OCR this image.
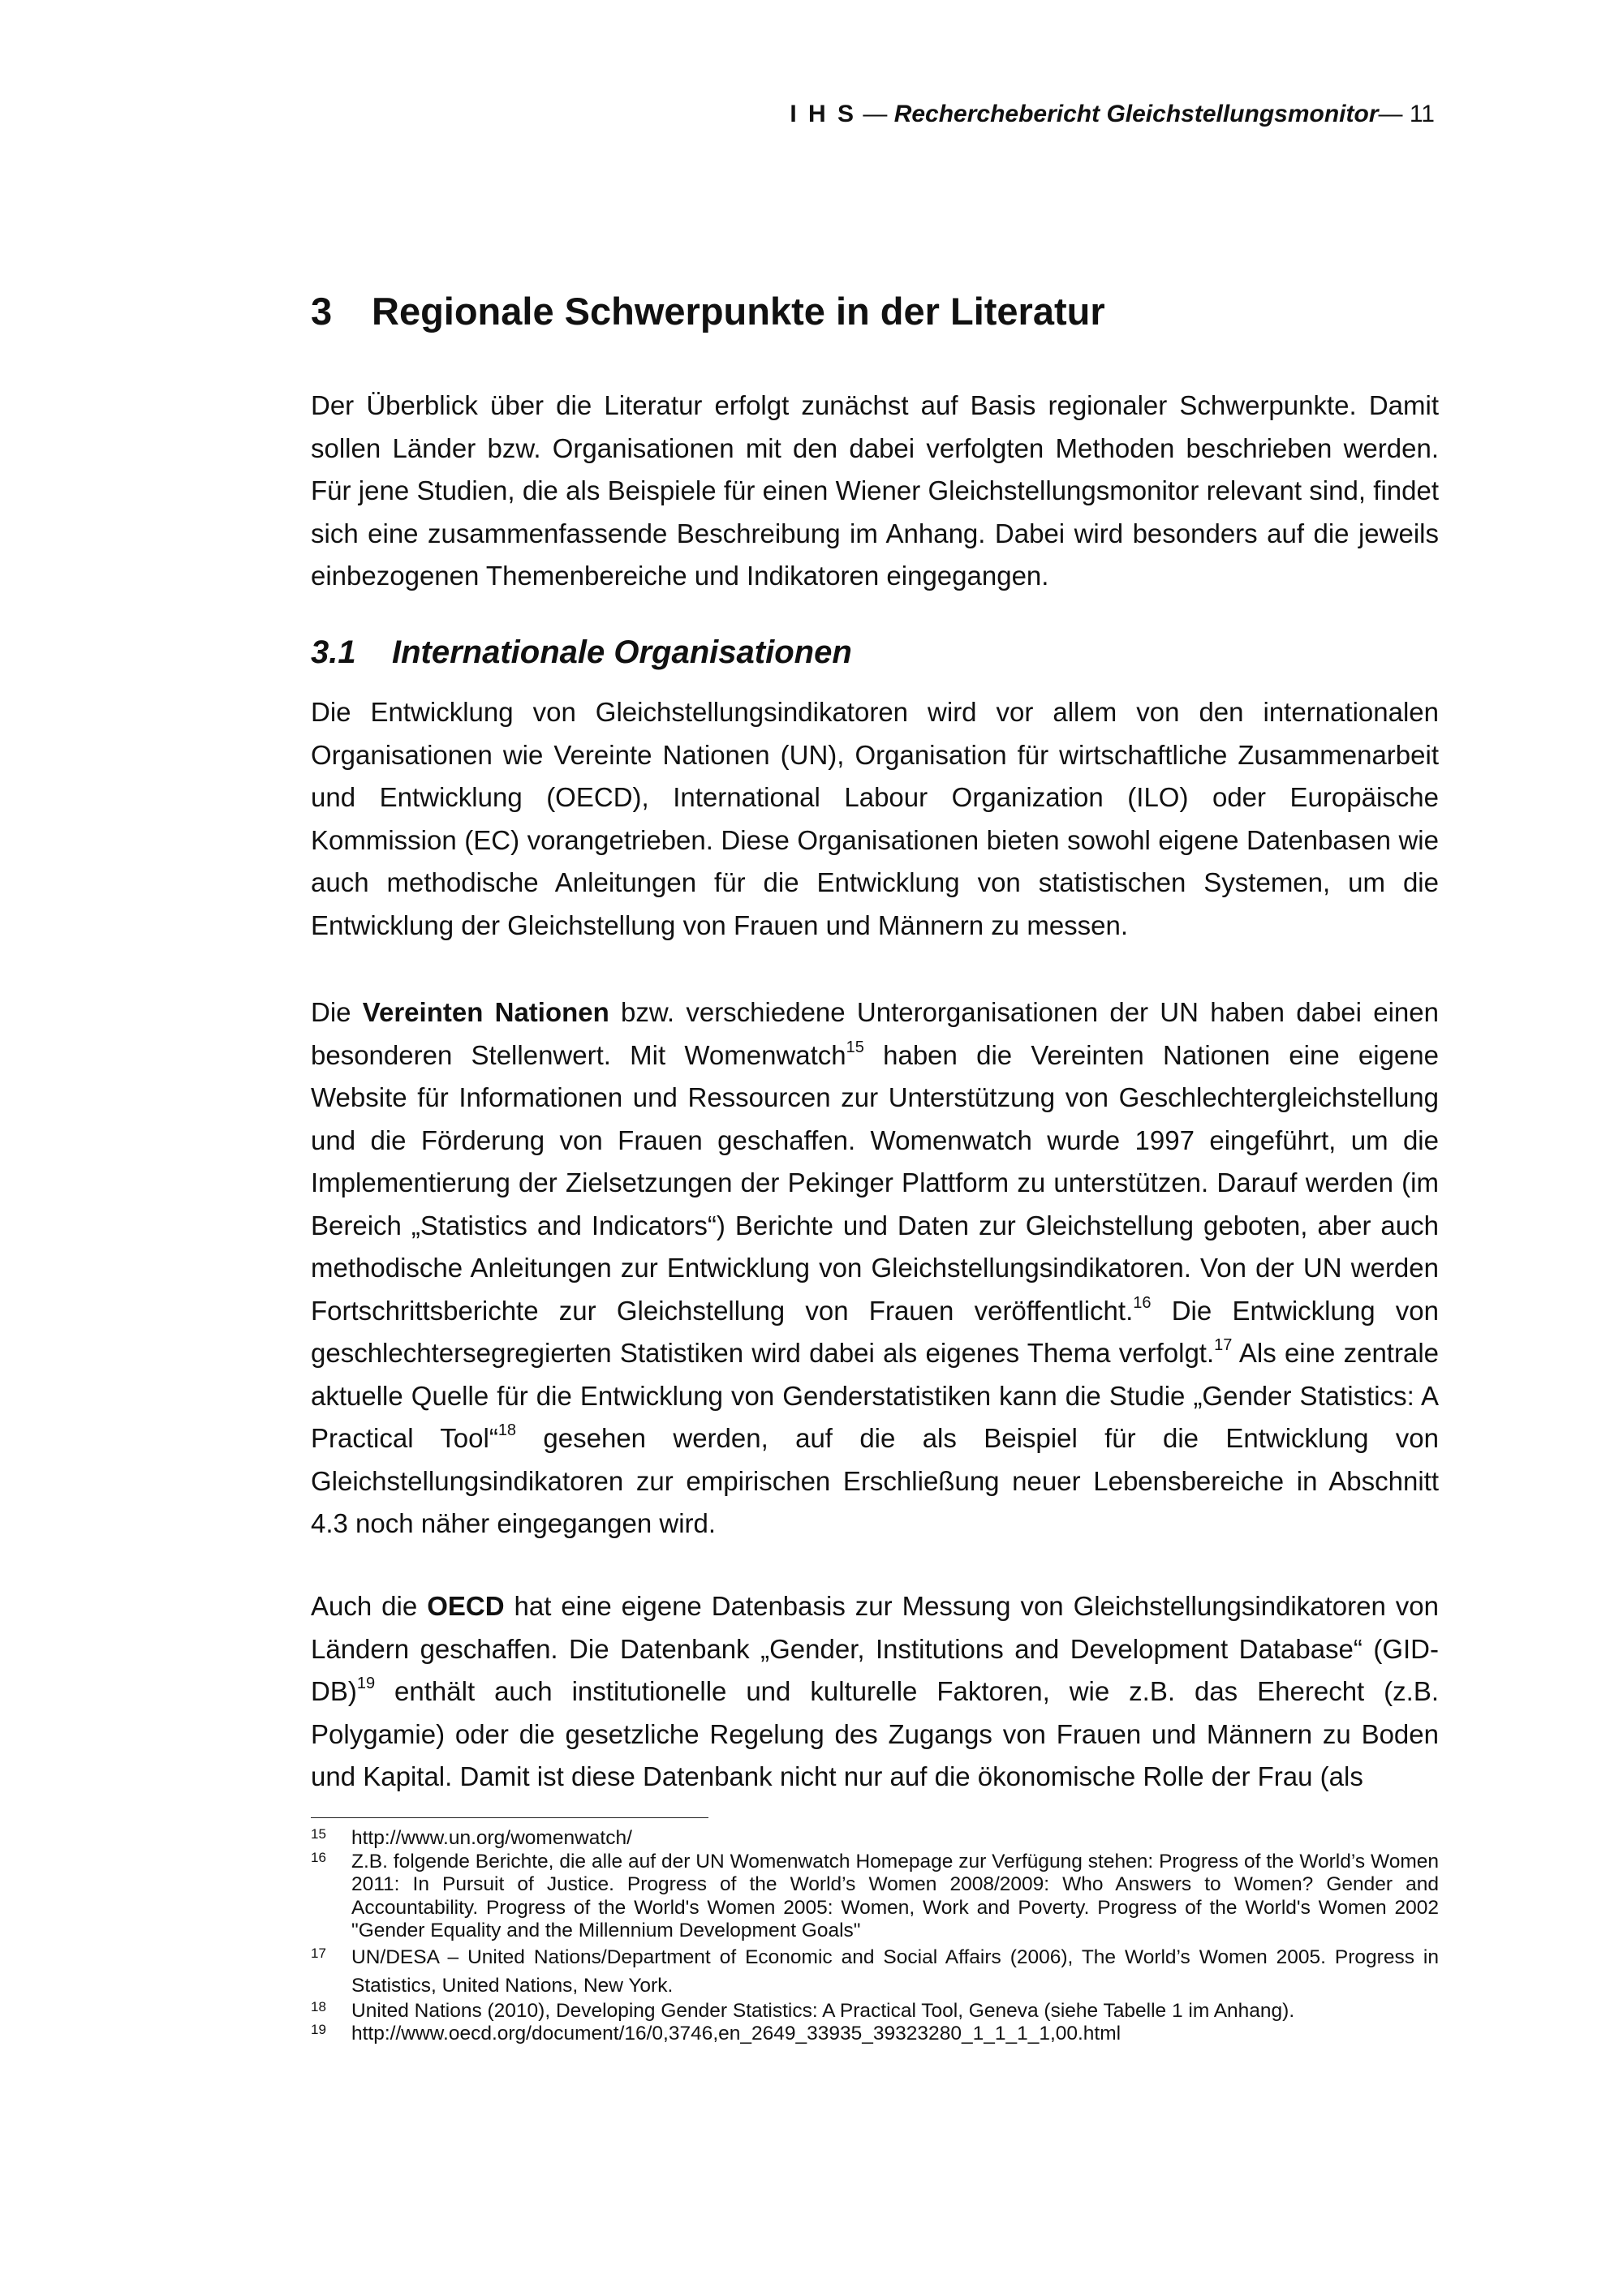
I H S — Recherchebericht Gleichstellungsmonitor— 11
3 Regionale Schwerpunkte in der Literatur

Der Überblick über die Literatur erfolgt zunächst auf Basis regionaler Schwerpunkte. Damit sollen Länder bzw. Organisationen mit den dabei verfolgten Methoden beschrieben werden. Für jene Studien, die als Beispiele für einen Wiener Gleichstellungsmonitor relevant sind, findet sich eine zusammenfassende Beschreibung im Anhang. Dabei wird besonders auf die jeweils einbezogenen Themenbereiche und Indikatoren eingegangen.

3.1 Internationale Organisationen

Die Entwicklung von Gleichstellungsindikatoren wird vor allem von den internationalen Organisationen wie Vereinte Nationen (UN), Organisation für wirtschaftliche Zusammenarbeit und Entwicklung (OECD), International Labour Organization (ILO) oder Europäische Kommission (EC) vorangetrieben. Diese Organisationen bieten sowohl eigene Datenbasen wie auch methodische Anleitungen für die Entwicklung von statistischen Systemen, um die Entwicklung der Gleichstellung von Frauen und Männern zu messen.

Die Vereinten Nationen bzw. verschiedene Unterorganisationen der UN haben dabei einen besonderen Stellenwert. Mit Womenwatch$^{15}$ haben die Vereinten Nationen eine eigene Website für Informationen und Ressourcen zur Unterstützung von Geschlechtergleichstellung und die Förderung von Frauen geschaffen. Womenwatch wurde 1997 eingeführt, um die Implementierung der Zielsetzungen der Pekinger Plattform zu unterstützen. Darauf werden (im Bereich „Statistics and Indicators“) Berichte und Daten zur Gleichstellung geboten, aber auch methodische Anleitungen zur Entwicklung von Gleichstellungsindikatoren. Von der UN werden Fortschrittsberichte zur Gleichstellung von Frauen veröffentlicht.$^{16}$ Die Entwicklung von geschlechtersegregierten Statistiken wird dabei als eigenes Thema verfolgt.$^{17}$ Als eine zentrale aktuelle Quelle für die Entwicklung von Genderstatistiken kann die Studie „Gender Statistics: A Practical Tool“$^{18}$ gesehen werden, auf die als Beispiel für die Entwicklung von Gleichstellungsindikatoren zur empirischen Erschließung neuer Lebensbereiche in Abschnitt 4.3 noch näher eingegangen wird.

Auch die OECD hat eine eigene Datenbasis zur Messung von Gleichstellungsindikatoren von Ländern geschaffen. Die Datenbank „Gender, Institutions and Development Database“ $(GID-DB)^{19}$ enthält auch institutionelle und kulturelle Faktoren, wie z.B. das Eherecht (z.B. Polygamie) oder die gesetzliche Regelung des Zugangs von Frauen und Männern zu Boden und Kapital. Damit ist diese Datenbank nicht nur auf die ökonomische Rolle der Frau (als

15 http://www.un.org/womenwatch/
16 Z.B. folgende Berichte, die alle auf der UN Womenwatch Homepage zur Verfügung stehen: Progress of the World’s Women 2011: In Pursuit of Justice. Progress of the World’s Women 2008/2009: Who Answers to Women? Gender and Accountability. Progress of the World's Women 2005: Women, Work and Poverty. Progress of the World's Women 2002 "Gender Equality and the Millennium Development Goals"
17 UN/DESA – United Nations/Department of Economic and Social Affairs (2006), The World’s Women 2005. Progress in Statistics, United Nations, New York.
18 United Nations (2010), Developing Gender Statistics: A Practical Tool, Geneva (siehe Tabelle 1 im Anhang).
19 http://www.oecd.org/document/16/0,3746,en_2649_33935_39323280_1_1_1_1,00.html
